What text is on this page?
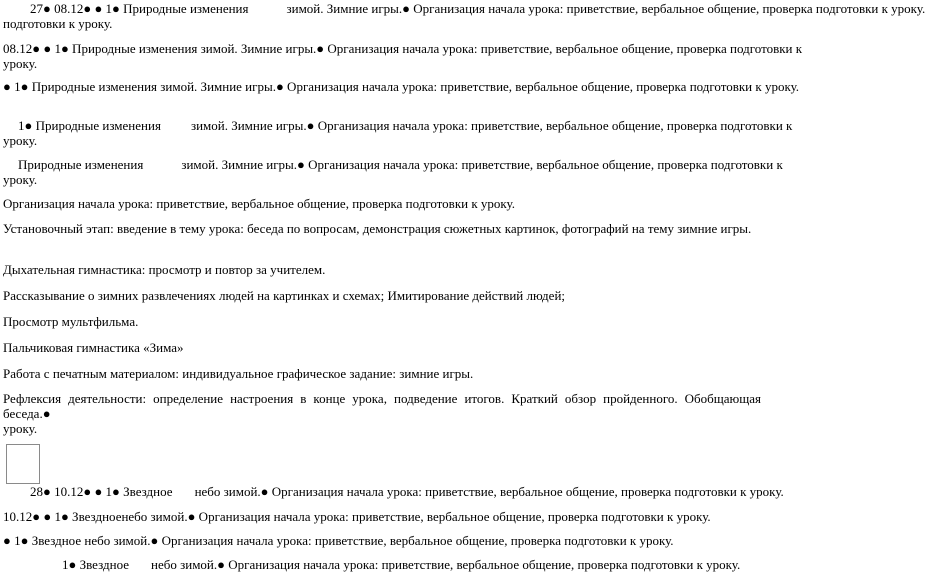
27● 08.12● ● 1● Природные изменения	зимой. Зимние игры.● Организация начала урока: приветствие, вербальное общение, проверка подготовки к уроку.
подготовки к уроку.
08.12● ● 1● Природные изменения зимой. Зимние игры.● Организация начала урока: приветствие, вербальное общение, проверка подготовки к уроку.
● 1● Природные изменения зимой. Зимние игры.● Организация начала урока: приветствие, вербальное общение, проверка подготовки к уроку.
1● Природные изменения зимой. Зимние игры.● Организация начала урока: приветствие, вербальное общение, проверка подготовки к уроку.
Природные изменения	зимой. Зимние игры.● Организация начала урока: приветствие, вербальное общение, проверка подготовки к уроку.
Организация начала урока: приветствие, вербальное общение, проверка подготовки к уроку.
Установочный этап: введение в тему урока: беседа по вопросам, демонстрация сюжетных картинок, фотографий на тему зимние игры.
Дыхательная гимнастика: просмотр и повтор за учителем.
Рассказывание о зимних развлечениях людей на картинках и схемах; Имитирование действий людей;
Просмотр мультфильма.
Пальчиковая гимнастика «Зима»
Работа с печатным материалом: индивидуальное графическое задание: зимние игры.
Рефлексия деятельности: определение настроения в конце урока, подведение итогов. Краткий обзор пройденного. Обобщающая беседа.●
уроку.
28● 10.12● ● 1● Звездное небо зимой.● Организация начала урока: приветствие, вербальное общение, проверка подготовки к уроку.
10.12● ● 1● Звездноенебо зимой.● Организация начала урока: приветствие, вербальное общение, проверка подготовки к уроку.
● 1● Звездное небо зимой.● Организация начала урока: приветствие, вербальное общение, проверка подготовки к уроку.
1● Звездное небо зимой.● Организация начала урока: приветствие, вербальное общение, проверка подготовки к уроку.
